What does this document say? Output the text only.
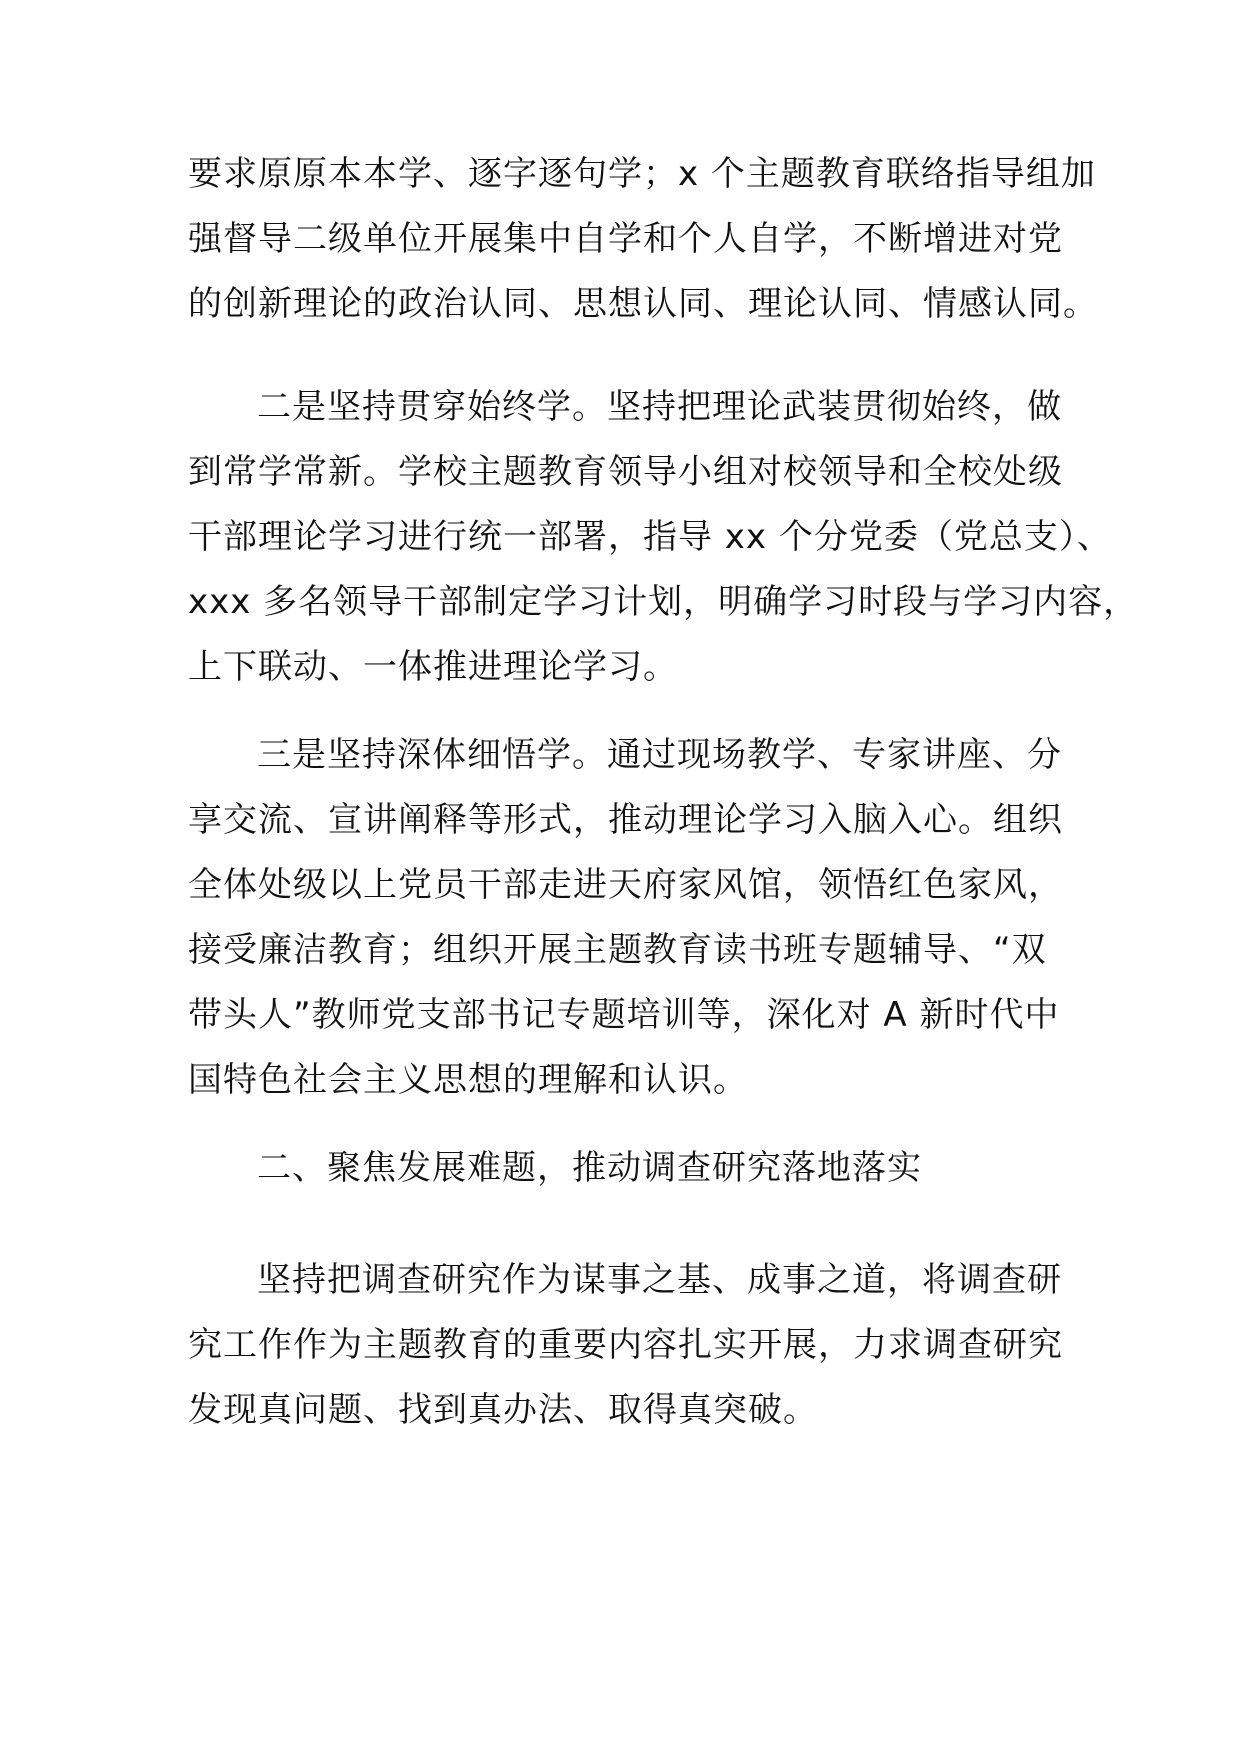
要求原原本本学、逐字逐句学；x 个主题教育联络指导组加
强督导二级单位开展集中自学和个人自学，不断增进对党
的创新理论的政治认同、思想认同、理论认同、情感认同。

二是坚持贯穿始终学。坚持把理论武装贯彻始终，做
到常学常新。学校主题教育领导小组对校领导和全校处级
干部理论学习进行统一部署，指导 xx 个分党委（党总支）、
xxx 多名领导干部制定学习计划，明确学习时段与学习内容，
上下联动、一体推进理论学习。

三是坚持深体细悟学。通过现场教学、专家讲座、分
享交流、宣讲阐释等形式，推动理论学习入脑入心。组织
全体处级以上党员干部走进天府家风馆，领悟红色家风，
接受廉洁教育；组织开展主题教育读书班专题辅导、“双
带头人”教师党支部书记专题培训等，深化对 A 新时代中
国特色社会主义思想的理解和认识。

二、聚焦发展难题，推动调查研究落地落实

坚持把调查研究作为谋事之基、成事之道，将调查研
究工作作为主题教育的重要内容扎实开展，力求调查研究
发现真问题、找到真办法、取得真突破。
